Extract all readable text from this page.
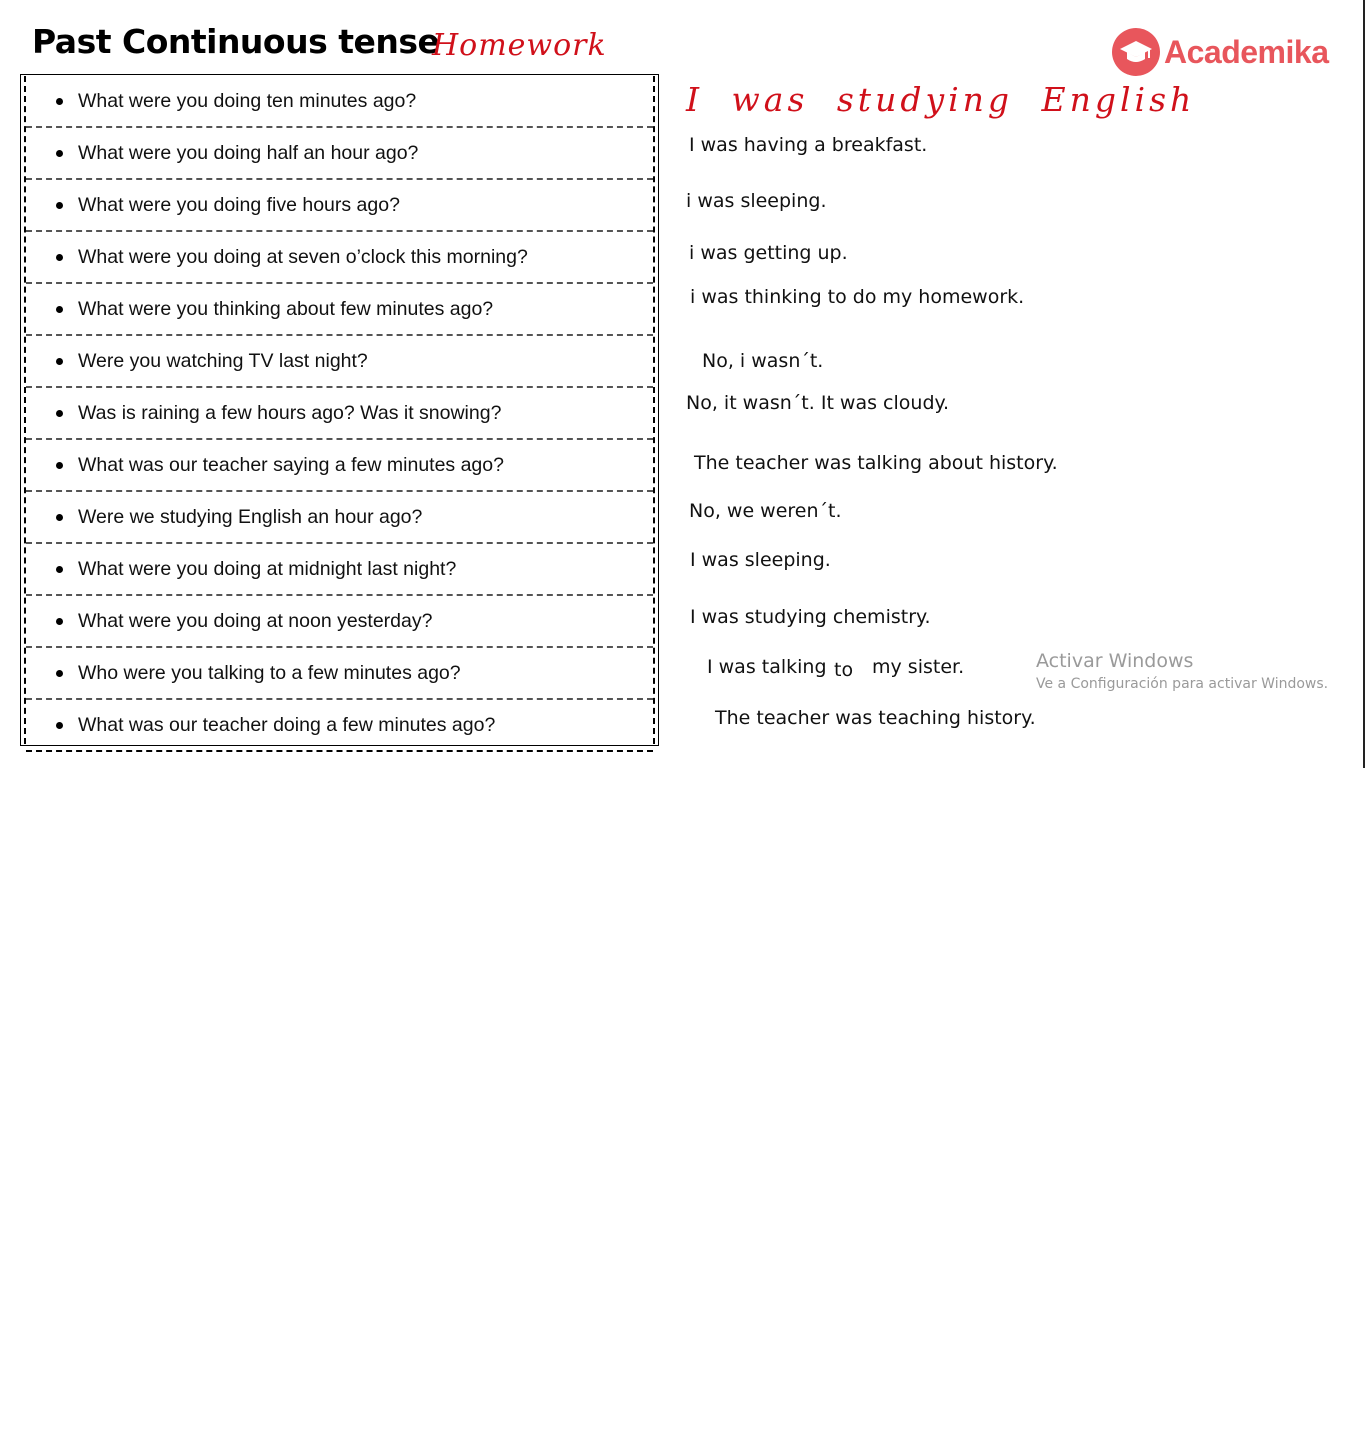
Past Continuous tense
Homework	Academika
What were you doing ten minutes ago?
What were you doing half an hour ago?
What were you doing five hours ago?
What were you doing at seven o’clock this morning?
What were you thinking about few minutes ago?
Were you watching TV last night?
Was is raining a few hours ago? Was it snowing?
What was our teacher saying a few minutes ago?
Were we studying English an hour ago?
What were you doing at midnight last night?
What were you doing at noon yesterday?
Who were you talking to a few minutes ago?
What was our teacher doing a few minutes ago?
I was studying English
I was having a breakfast.
i was sleeping.
i was getting up.
i was thinking to do my homework.
No, i wasn´t.
No, it wasn´t. It was cloudy.
The teacher was talking about history.
No, we weren´t.
I was sleeping.
I was studying chemistry.
I was talking to my sister.
The teacher was teaching history.
Activar Windows
Ve a Configuración para activar Windows.
